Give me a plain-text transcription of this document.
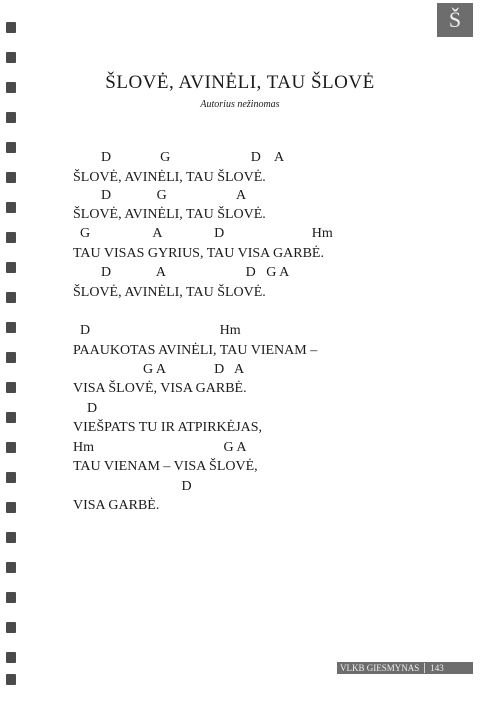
Š
ŠLOVĖ, AVINĖLI, TAU ŠLOVĖ
Autorius nežinomas
D              G                       D    A
ŠLOVĖ, AVINĖLI, TAU ŠLOVĖ.
D             G                    A
ŠLOVĖ, AVINĖLI, TAU ŠLOVĖ.
G                  A               D                         Hm
TAU VISAS GYRIUS, TAU VISA GARBĖ.
D             A                       D   G A
ŠLOVĖ, AVINĖLI, TAU ŠLOVĖ.
D                                     Hm
PAAUKOTAS AVINĖLI, TAU VIENAM –
G A              D   A
VISA ŠLOVĖ, VISA GARBĖ.
D
VIEŠPATS TU IR ATPIRKĖJAS,
Hm                                     G A
TAU VIENAM – VISA ŠLOVĖ,
D
VISA GARBĖ.
VLKB GIESMYNAS 143
